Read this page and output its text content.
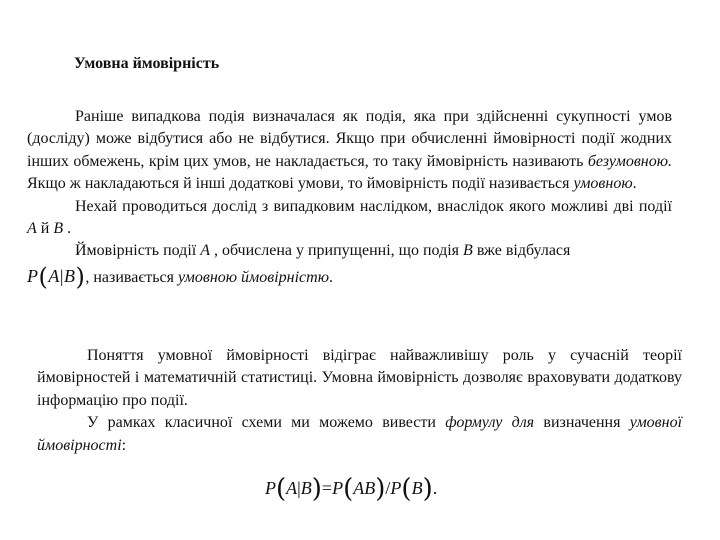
Умовна ймовірність

Раніше випадкова подія визначалася як подія, яка при здійсненні сукупності умов (досліду) може відбутися або не відбутися. Якщо при обчисленні ймовірності події жодних інших обмежень, крім цих умов, не накладається, то таку ймовірність називають безумовною. Якщо ж накладаються й інші додаткові умови, то ймовірність події називається умовною.

Нехай проводиться дослід з випадковим наслідком, внаслідок якого можливі дві події A й B .

Ймовірність події A , обчислена у припущенні, що подія B вже відбулася

P(A|B), називається умовною ймовірністю.

Поняття умовної ймовірності відіграє найважливішу роль у сучасній теорії ймовірностей і математичній статистиці. Умовна ймовірність дозволяє враховувати додаткову інформацію про події.

У рамках класичної схеми ми можемо вивести формулу для визначення умовної ймовірності:

P(A|B)=P(AB)/P(B).
